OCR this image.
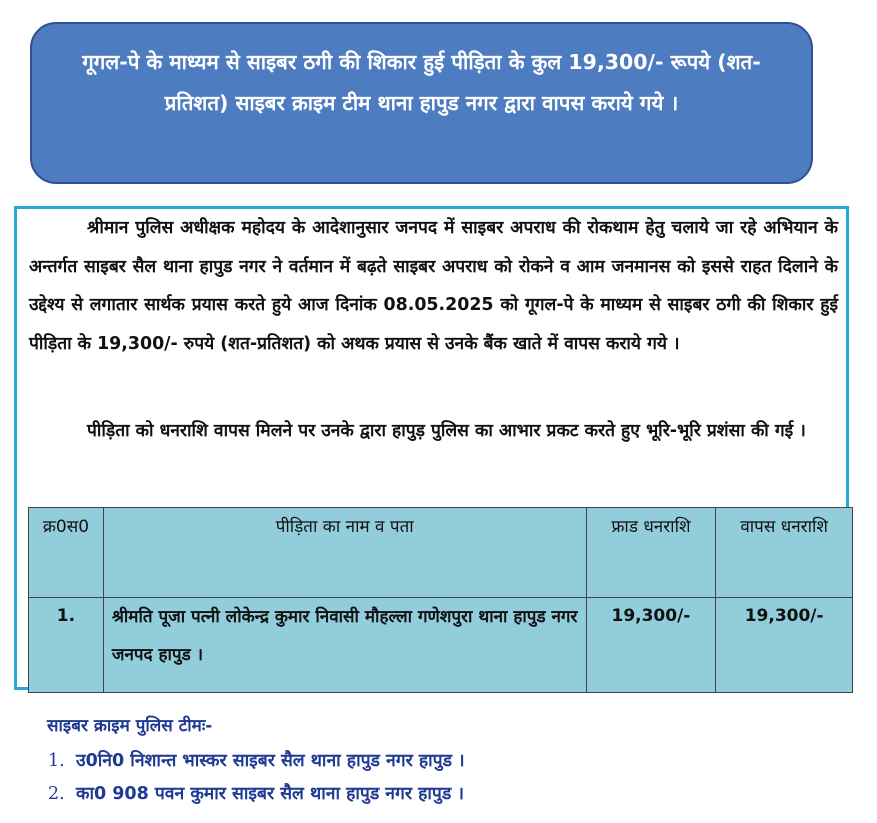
गूगल-पे के माध्यम से साइबर ठगी की शिकार हुई पीड़िता के कुल 19,300/- रूपये (शत-प्रतिशत) साइबर क्राइम टीम थाना हापुड नगर द्वारा वापस कराये गये ।

श्रीमान पुलिस अधीक्षक महोदय के आदेशानुसार जनपद में साइबर अपराध की रोकथाम हेतु चलाये जा रहे अभियान के अन्तर्गत साइबर सैल थाना हापुड नगर ने वर्तमान में बढ़ते साइबर अपराध को रोकने व आम जनमानस को इससे राहत दिलाने के उद्देश्य से लगातार सार्थक प्रयास करते हुये आज दिनांक 08.05.2025 को गूगल-पे के माध्यम से साइबर ठगी की शिकार हुई पीड़िता के 19,300/- रुपये (शत-प्रतिशत) को अथक प्रयास से उनके बैंक खाते में वापस कराये गये ।

पीड़िता को धनराशि वापस मिलने पर उनके द्वारा हापुड़ पुलिस का आभार प्रकट करते हुए भूरि-भूरि प्रशंसा की गई ।

क्र0स0	पीड़िता का नाम व पता	फ्राड धनराशि	वापस धनराशि
1.	श्रीमति पूजा पत्नी लोकेन्द्र कुमार निवासी मौहल्ला गणेशपुरा थाना हापुड नगर जनपद हापुड ।	19,300/-	19,300/-

साइबर क्राइम पुलिस टीमः-

1. उ0नि0 निशान्त भास्कर साइबर सैल थाना हापुड नगर हापुड ।
2. का0 908 पवन कुमार साइबर सैल थाना हापुड नगर हापुड ।
